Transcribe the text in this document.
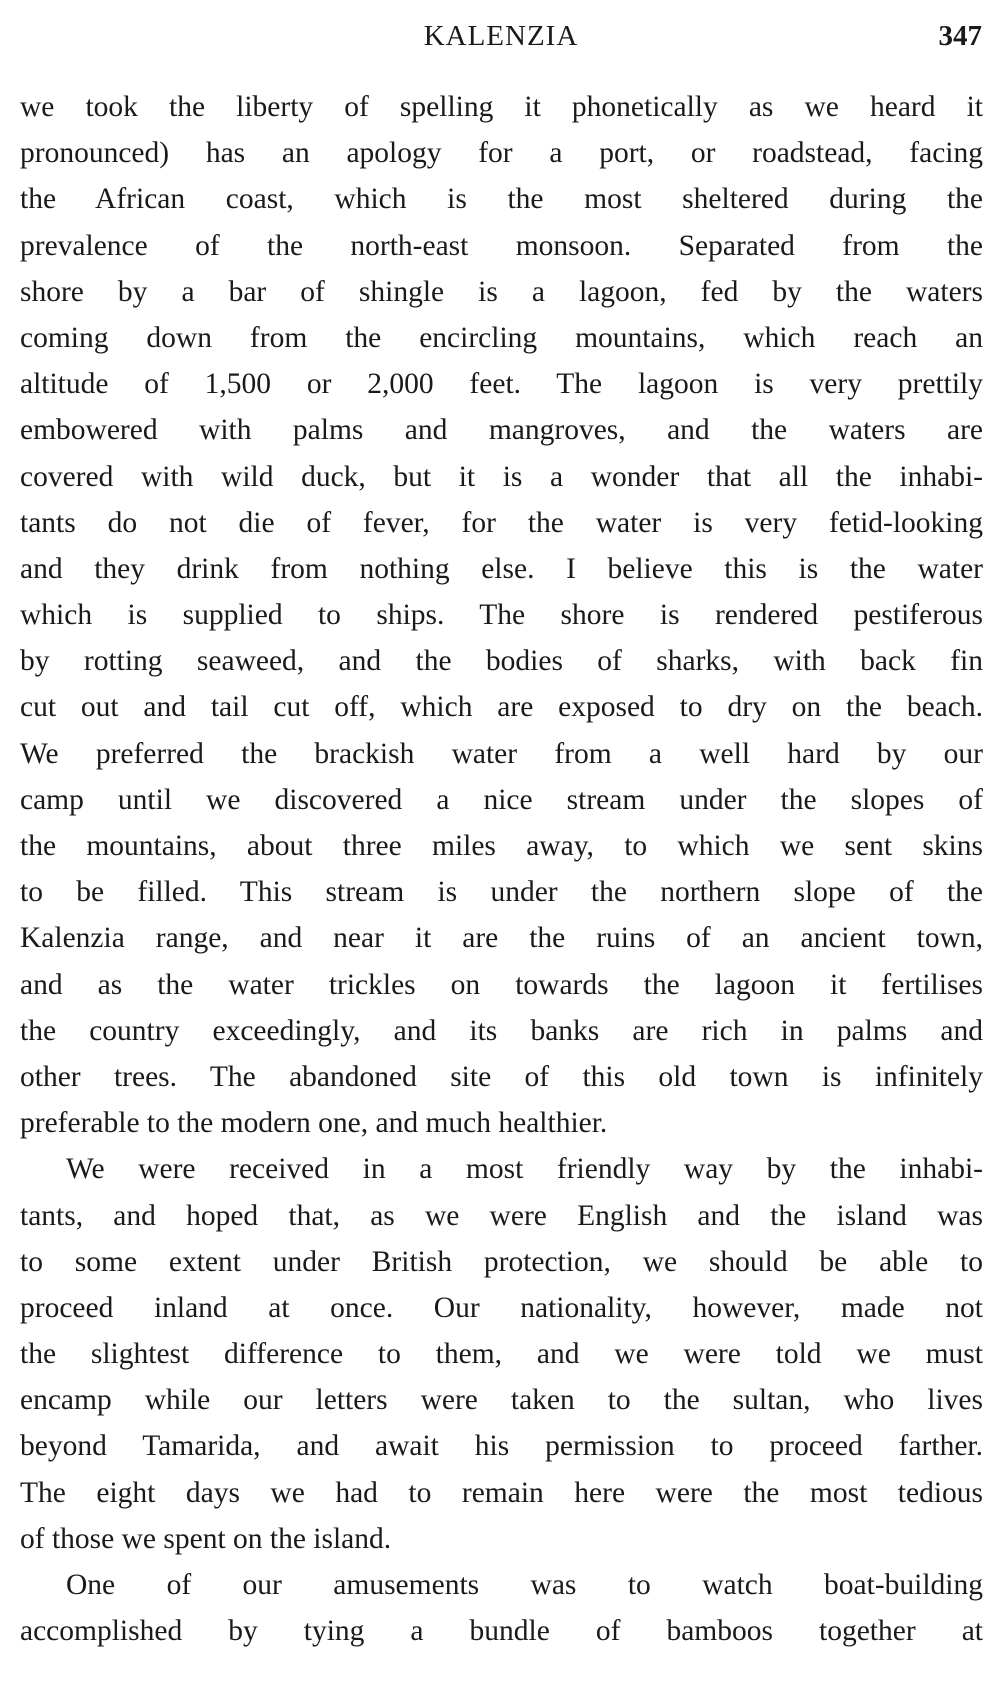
KALENZIA	347
we took the liberty of spelling it phonetically as we heard it
pronounced) has an apology for a port, or roadstead, facing
the African coast, which is the most sheltered during the
prevalence of the north-east monsoon. Separated from the
shore by a bar of shingle is a lagoon, fed by the waters
coming down from the encircling mountains, which reach an
altitude of 1,500 or 2,000 feet. The lagoon is very prettily
embowered with palms and mangroves, and the waters are
covered with wild duck, but it is a wonder that all the inhabi-
tants do not die of fever, for the water is very fetid-looking
and they drink from nothing else. I believe this is the water
which is supplied to ships. The shore is rendered pestiferous
by rotting seaweed, and the bodies of sharks, with back fin
cut out and tail cut off, which are exposed to dry on the beach.
We preferred the brackish water from a well hard by our
camp until we discovered a nice stream under the slopes of
the mountains, about three miles away, to which we sent skins
to be filled. This stream is under the northern slope of the
Kalenzia range, and near it are the ruins of an ancient town,
and as the water trickles on towards the lagoon it fertilises
the country exceedingly, and its banks are rich in palms and
other trees. The abandoned site of this old town is infinitely
preferable to the modern one, and much healthier.
We were received in a most friendly way by the inhabi-
tants, and hoped that, as we were English and the island was
to some extent under British protection, we should be able to
proceed inland at once. Our nationality, however, made not
the slightest difference to them, and we were told we must
encamp while our letters were taken to the sultan, who lives
beyond Tamarida, and await his permission to proceed farther.
The eight days we had to remain here were the most tedious
of those we spent on the island.
One of our amusements was to watch boat-building
accomplished by tying a bundle of bamboos together at
